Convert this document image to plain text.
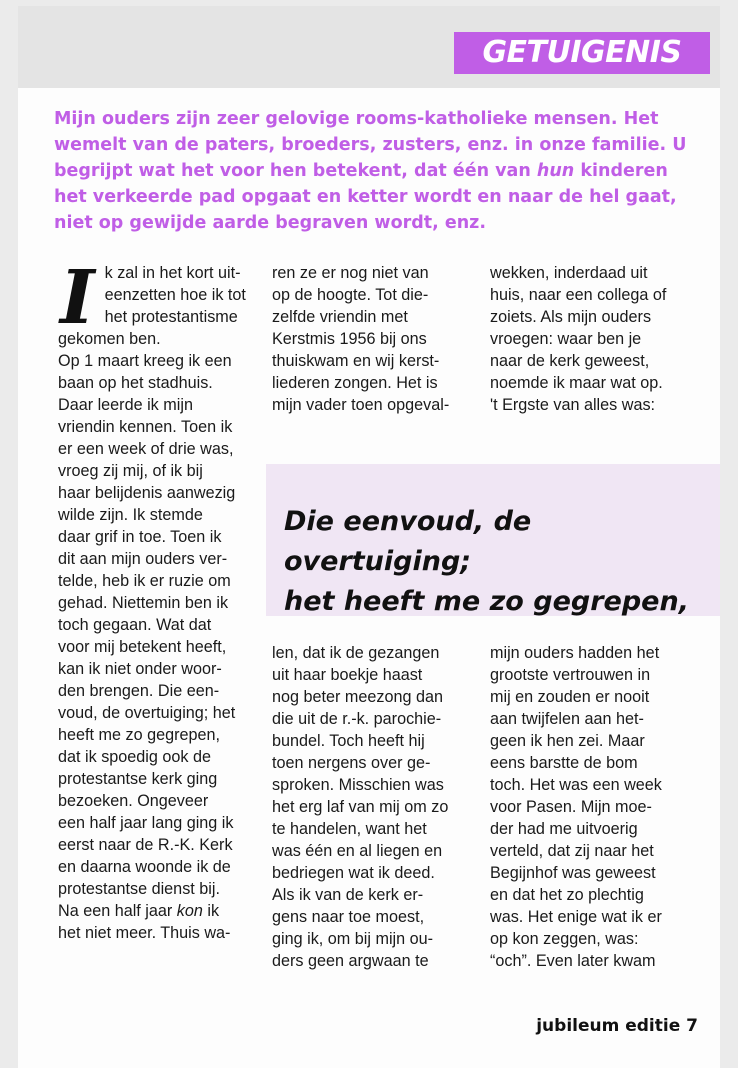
GETUIGENIS

Mijn ouders zijn zeer gelovige rooms-katholieke mensen. Het wemelt van de paters, broeders, zusters, enz. in onze familie. U begrijpt wat het voor hen betekent, dat één van hun kinderen het verkeerde pad opgaat en ketter wordt en naar de hel gaat, niet op gewijde aarde begraven wordt, enz.

Ik zal in het kort uit-
eenzetten hoe ik tot
het protestantisme
gekomen ben.
Op 1 maart kreeg ik een
baan op het stadhuis.
Daar leerde ik mijn
vriendin kennen. Toen ik
er een week of drie was,
vroeg zij mij, of ik bij
haar belijdenis aanwezig
wilde zijn. Ik stemde
daar grif in toe. Toen ik
dit aan mijn ouders ver-
telde, heb ik er ruzie om
gehad. Niettemin ben ik
toch gegaan. Wat dat
voor mij betekent heeft,
kan ik niet onder woor-
den brengen. Die een-
voud, de overtuiging; het
heeft me zo gegrepen,
dat ik spoedig ook de
protestantse kerk ging
bezoeken. Ongeveer
een half jaar lang ging ik
eerst naar de R.-K. Kerk
en daarna woonde ik de
protestantse dienst bij.
Na een half jaar kon ik
het niet meer. Thuis wa-
ren ze er nog niet van
op de hoogte. Tot die-
zelfde vriendin met
Kerstmis 1956 bij ons
thuiskwam en wij kerst-
liederen zongen. Het is
mijn vader toen opgeval-
wekken, inderdaad uit
huis, naar een collega of
zoiets. Als mijn ouders
vroegen: waar ben je
naar de kerk geweest,
noemde ik maar wat op.
't Ergste van alles was:

Die eenvoud, de overtuiging;
het heeft me zo gegrepen,

len, dat ik de gezangen
uit haar boekje haast
nog beter meezong dan
die uit de r.-k. parochie-
bundel. Toch heeft hij
toen nergens over ge-
sproken. Misschien was
het erg laf van mij om zo
te handelen, want het
was één en al liegen en
bedriegen wat ik deed.
Als ik van de kerk er-
gens naar toe moest,
ging ik, om bij mijn ou-
ders geen argwaan te
mijn ouders hadden het
grootste vertrouwen in
mij en zouden er nooit
aan twijfelen aan het-
geen ik hen zei. Maar
eens barstte de bom
toch. Het was een week
voor Pasen. Mijn moe-
der had me uitvoerig
verteld, dat zij naar het
Begijnhof was geweest
en dat het zo plechtig
was. Het enige wat ik er
op kon zeggen, was:
“och”. Even later kwam
jubileum editie 7
